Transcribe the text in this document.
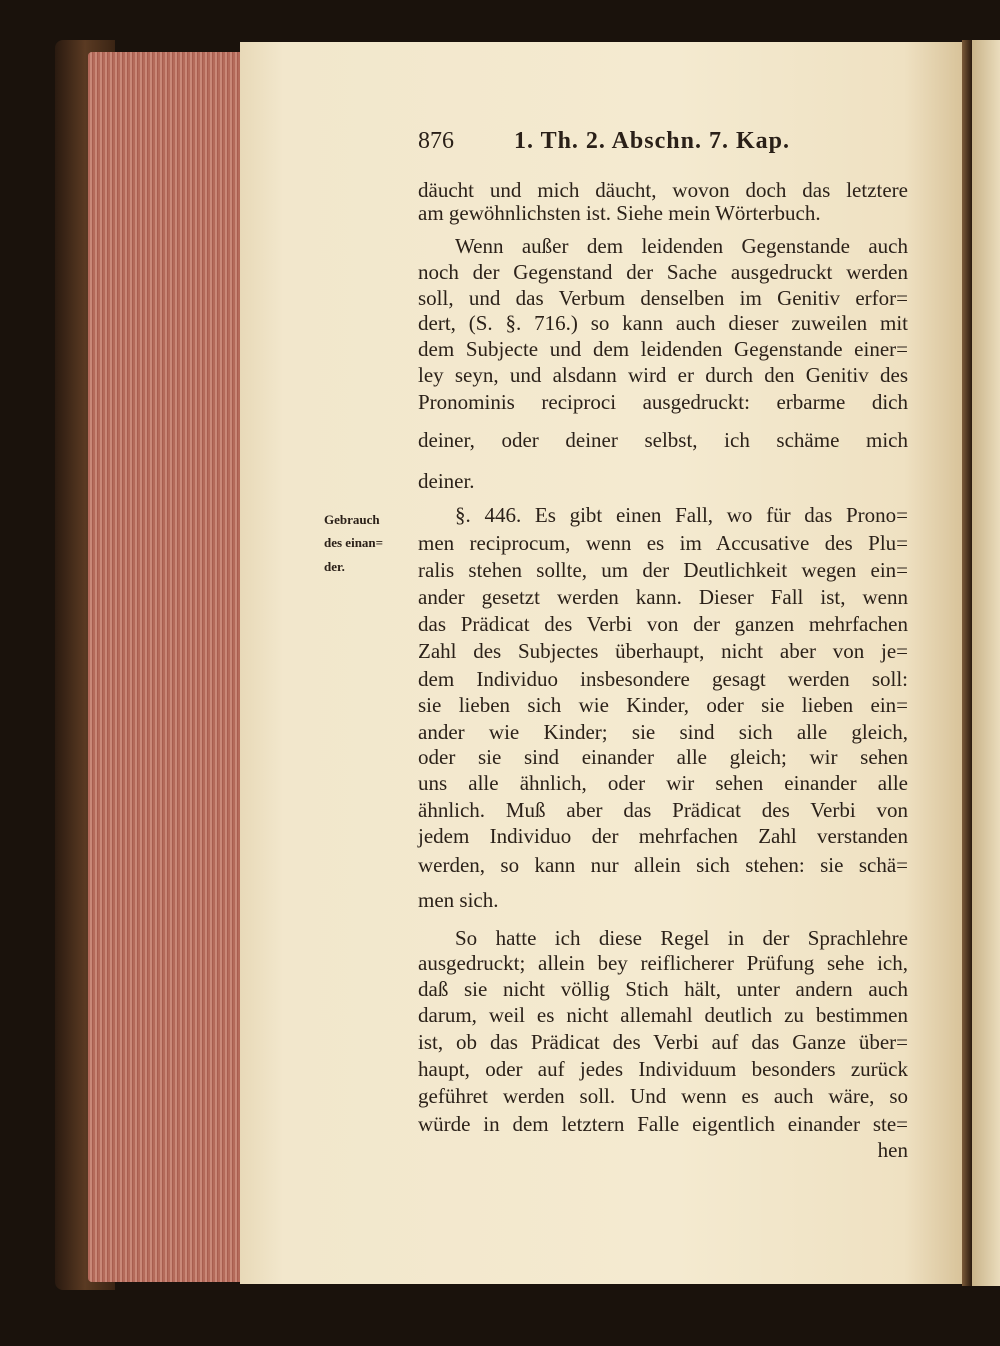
876	1. Th. 2. Abschn. 7. Kap.
Gebrauch
des einan=
der.
däucht und mich däucht, wovon doch das letztere
am gewöhnlichsten ist. Siehe mein Wörterbuch.
Wenn außer dem leidenden Gegenstande auch
noch der Gegenstand der Sache ausgedruckt werden
soll, und das Verbum denselben im Genitiv erfor=
dert, (S. §. 716.) so kann auch dieser zuweilen mit
dem Subjecte und dem leidenden Gegenstande einer=
ley seyn, und alsdann wird er durch den Genitiv des
Pronominis reciproci ausgedruckt: erbarme dich
deiner, oder deiner selbst, ich schäme mich
deiner.
§. 446. Es gibt einen Fall, wo für das Prono=
men reciprocum, wenn es im Accusative des Plu=
ralis stehen sollte, um der Deutlichkeit wegen ein=
ander gesetzt werden kann. Dieser Fall ist, wenn
das Prädicat des Verbi von der ganzen mehrfachen
Zahl des Subjectes überhaupt, nicht aber von je=
dem Individuo insbesondere gesagt werden soll:
sie lieben sich wie Kinder, oder sie lieben ein=
ander wie Kinder; sie sind sich alle gleich,
oder sie sind einander alle gleich; wir sehen
uns alle ähnlich, oder wir sehen einander alle
ähnlich. Muß aber das Prädicat des Verbi von
jedem Individuo der mehrfachen Zahl verstanden
werden, so kann nur allein sich stehen: sie schä=
men sich.
So hatte ich diese Regel in der Sprachlehre
ausgedruckt; allein bey reiflicherer Prüfung sehe ich,
daß sie nicht völlig Stich hält, unter andern auch
darum, weil es nicht allemahl deutlich zu bestimmen
ist, ob das Prädicat des Verbi auf das Ganze über=
haupt, oder auf jedes Individuum besonders zurück
geführet werden soll. Und wenn es auch wäre, so
würde in dem letztern Falle eigentlich einander ste=
hen
